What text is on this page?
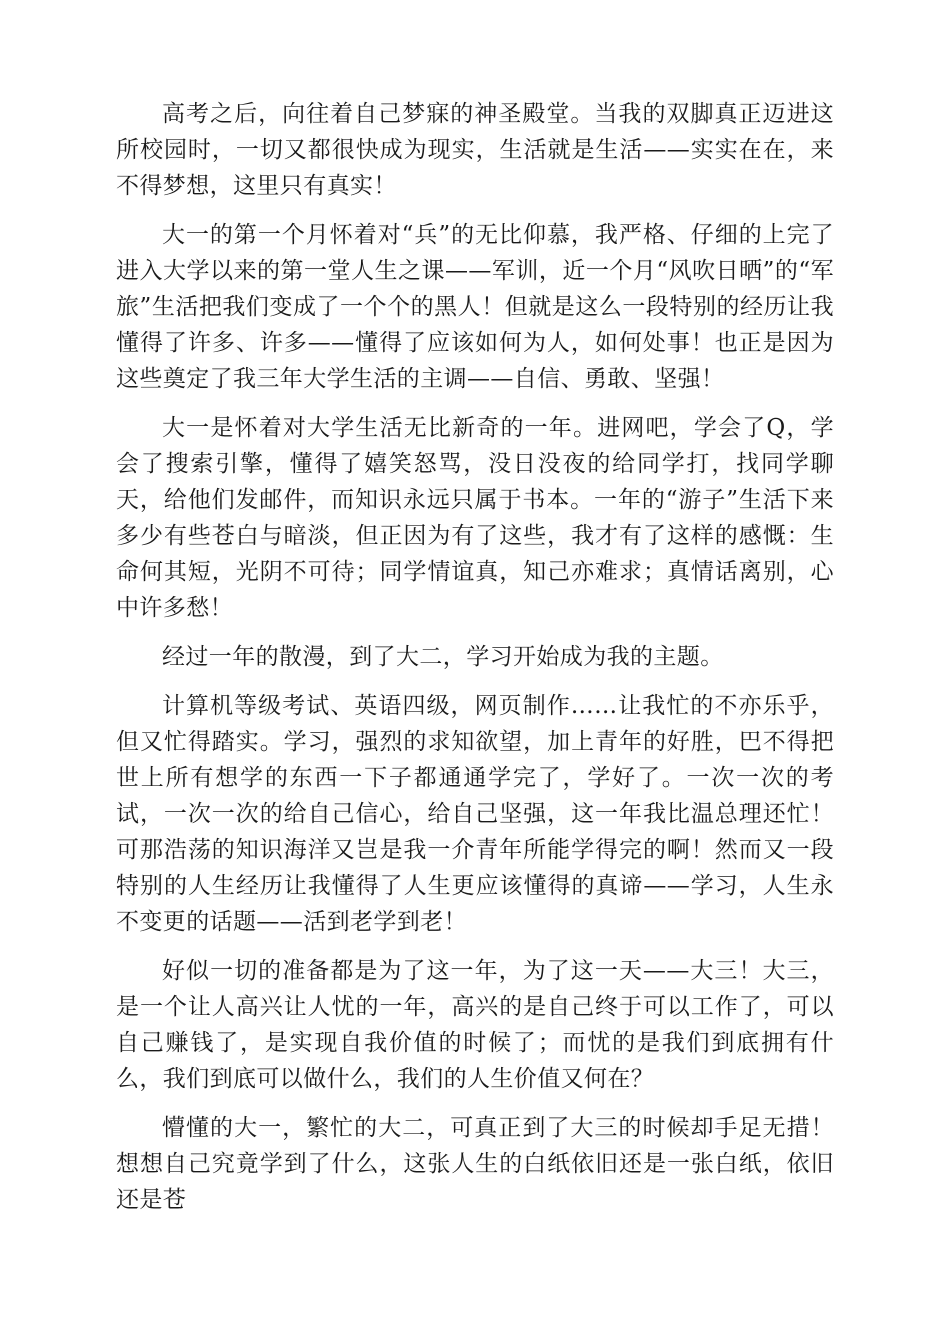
高考之后，向往着自己梦寐的神圣殿堂。当我的双脚真正迈进这所校园时，一切又都很快成为现实，生活就是生活——实实在在，来不得梦想，这里只有真实！

大一的第一个月怀着对“兵”的无比仰慕，我严格、仔细的上完了进入大学以来的第一堂人生之课——军训，近一个月“风吹日晒”的“军旅”生活把我们变成了一个个的黑人！但就是这么一段特别的经历让我懂得了许多、许多——懂得了应该如何为人，如何处事！也正是因为这些奠定了我三年大学生活的主调——自信、勇敢、坚强！

大一是怀着对大学生活无比新奇的一年。进网吧，学会了Q，学会了搜索引擎，懂得了嬉笑怒骂，没日没夜的给同学打，找同学聊天，给他们发邮件，而知识永远只属于书本。一年的“游子”生活下来多少有些苍白与暗淡，但正因为有了这些，我才有了这样的感慨：生命何其短，光阴不可待；同学情谊真，知己亦难求；真情话离别，心中许多愁！

经过一年的散漫，到了大二，学习开始成为我的主题。

计算机等级考试、英语四级，网页制作……让我忙的不亦乐乎，但又忙得踏实。学习，强烈的求知欲望，加上青年的好胜，巴不得把世上所有想学的东西一下子都通通学完了，学好了。一次一次的考试，一次一次的给自己信心，给自己坚强，这一年我比温总理还忙！可那浩荡的知识海洋又岂是我一介青年所能学得完的啊！然而又一段特别的人生经历让我懂得了人生更应该懂得的真谛——学习，人生永不变更的话题——活到老学到老！

好似一切的准备都是为了这一年，为了这一天——大三！大三，是一个让人高兴让人忧的一年，高兴的是自己终于可以工作了，可以自己赚钱了，是实现自我价值的时候了；而忧的是我们到底拥有什么，我们到底可以做什么，我们的人生价值又何在？

懵懂的大一，繁忙的大二，可真正到了大三的时候却手足无措！想想自己究竟学到了什么，这张人生的白纸依旧还是一张白纸，依旧还是苍
